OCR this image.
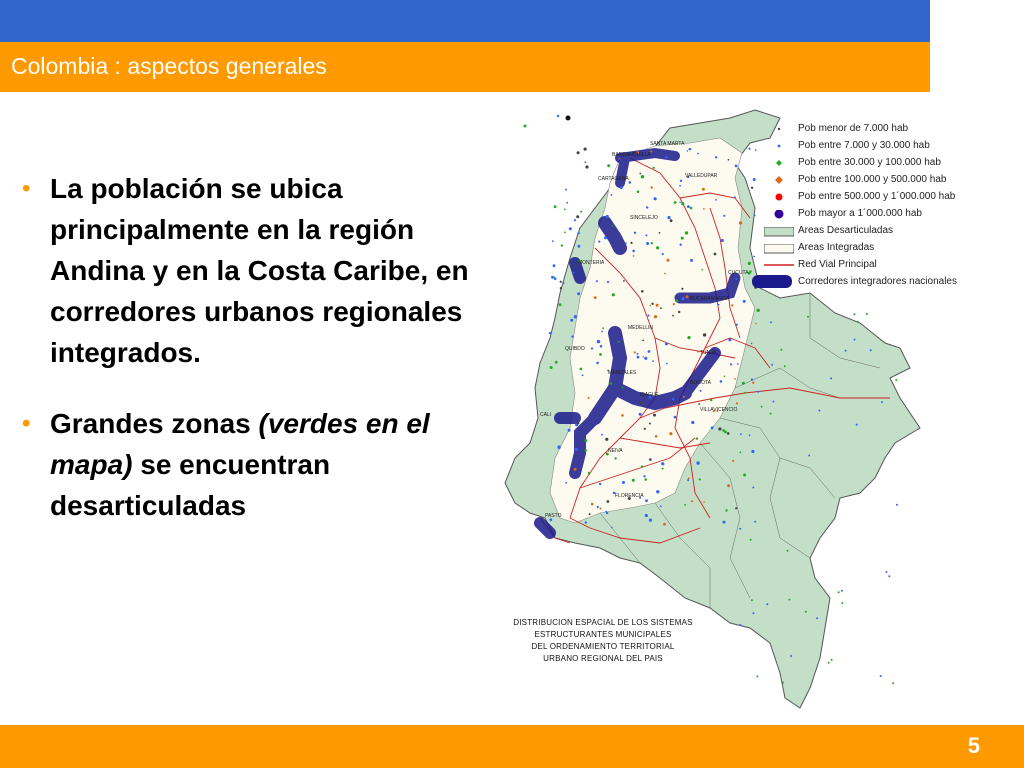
Colombia : aspectos generales
• La población se ubica principalmente en la región Andina y en la Costa Caribe, en corredores urbanos regionales integrados.
• Grandes zonas (verdes en el mapa) se encuentran desarticuladas
Pob menor de 7.000 hab
Pob entre 7.000 y 30.000 hab
Pob entre 30.000 y 100.000 hab
Pob entre 100.000 y 500.000 hab
Pob entre 500.000 y 1´000.000 hab
Pob mayor a 1´000.000 hab
Areas Desarticuladas
Areas Integradas
Red Vial Principal
Corredores integradores nacionales
DISTRIBUCION ESPACIAL DE LOS SISTEMAS
ESTRUCTURANTES MUNICIPALES
DEL ORDENAMIENTO TERRITORIAL
URBANO REGIONAL DEL PAIS
SANTA MARTA
BARRANQUILLA
CARTAGENA	VALLEDUPAR
SINCELEJO
MONTERIA
CUCUTA
BUCARAMANGA
MEDELLIN
QUIBDO
MANIZALES
TUNJA
BOGOTA
IBAGUE
VILLAVICENCIO
CALI
NEIVA
FLORENCIA
PASTO
5
